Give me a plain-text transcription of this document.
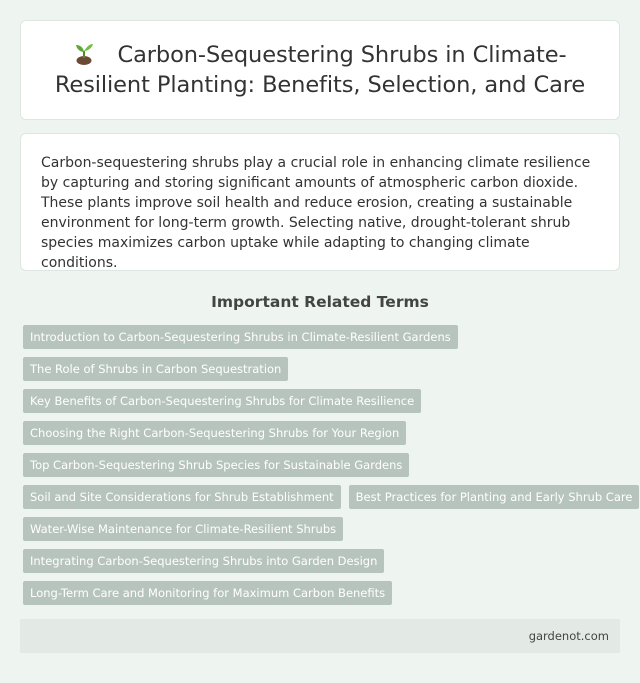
Carbon-Sequestering Shrubs in Climate-
Resilient Planting: Benefits, Selection, and Care

Carbon-sequestering shrubs play a crucial role in enhancing climate resilience by capturing and storing significant amounts of atmospheric carbon dioxide. These plants improve soil health and reduce erosion, creating a sustainable environment for long-term growth. Selecting native, drought-tolerant shrub species maximizes carbon uptake while adapting to changing climate conditions.

Important Related Terms
Introduction to Carbon-Sequestering Shrubs in Climate-Resilient Gardens
The Role of Shrubs in Carbon Sequestration
Key Benefits of Carbon-Sequestering Shrubs for Climate Resilience
Choosing the Right Carbon-Sequestering Shrubs for Your Region
Top Carbon-Sequestering Shrub Species for Sustainable Gardens
Soil and Site Considerations for Shrub Establishment	Best Practices for Planting and Early Shrub Care
Water-Wise Maintenance for Climate-Resilient Shrubs
Integrating Carbon-Sequestering Shrubs into Garden Design
Long-Term Care and Monitoring for Maximum Carbon Benefits
gardenot.com
